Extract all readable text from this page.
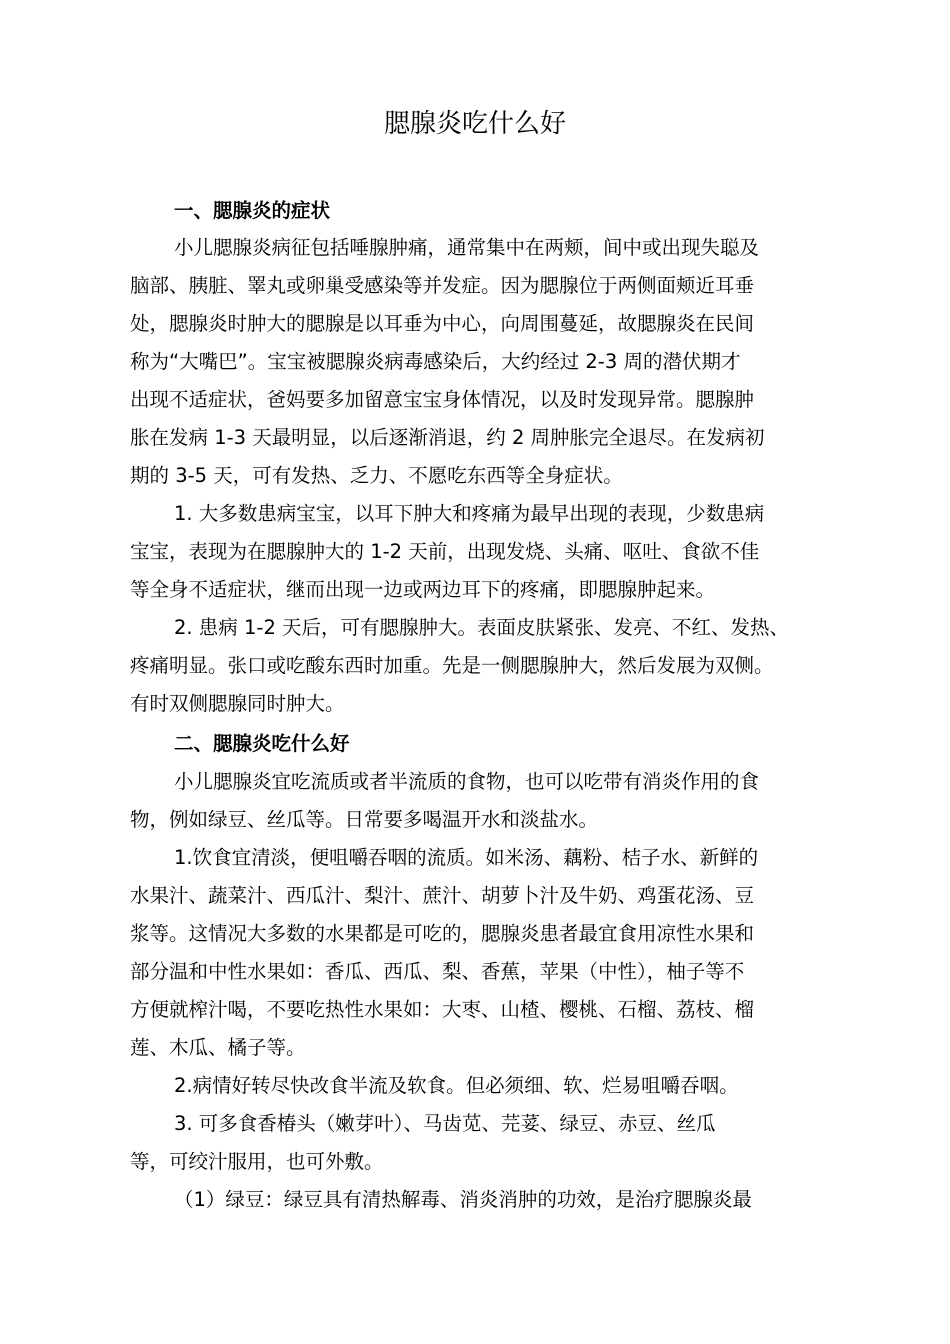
腮腺炎吃什么好
一、腮腺炎的症状
小儿腮腺炎病征包括唾腺肿痛，通常集中在两颊，间中或出现失聪及
脑部、胰脏、睪丸或卵巢受感染等并发症。因为腮腺位于两侧面颊近耳垂
处，腮腺炎时肿大的腮腺是以耳垂为中心，向周围蔓延，故腮腺炎在民间
称为“大嘴巴”。宝宝被腮腺炎病毒感染后，大约经过 2-3 周的潜伏期才
出现不适症状，爸妈要多加留意宝宝身体情况，以及时发现异常。腮腺肿
胀在发病 1-3 天最明显，以后逐渐消退，约 2 周肿胀完全退尽。在发病初
期的 3-5 天，可有发热、乏力、不愿吃东西等全身症状。
1. 大多数患病宝宝，以耳下肿大和疼痛为最早出现的表现，少数患病
宝宝，表现为在腮腺肿大的 1-2 天前，出现发烧、头痛、呕吐、食欲不佳
等全身不适症状，继而出现一边或两边耳下的疼痛，即腮腺肿起来。
2. 患病 1-2 天后，可有腮腺肿大。表面皮肤紧张、发亮、不红、发热、
疼痛明显。张口或吃酸东西时加重。先是一侧腮腺肿大，然后发展为双侧。
有时双侧腮腺同时肿大。
二、腮腺炎吃什么好
小儿腮腺炎宜吃流质或者半流质的食物，也可以吃带有消炎作用的食
物，例如绿豆、丝瓜等。日常要多喝温开水和淡盐水。
1.饮食宜清淡，便咀嚼吞咽的流质。如米汤、藕粉、桔子水、新鲜的
水果汁、蔬菜汁、西瓜汁、梨汁、蔗汁、胡萝卜汁及牛奶、鸡蛋花汤、豆
浆等。这情况大多数的水果都是可吃的，腮腺炎患者最宜食用凉性水果和
部分温和中性水果如：香瓜、西瓜、梨、香蕉，苹果（中性），柚子等不
方便就榨汁喝，不要吃热性水果如：大枣、山楂、樱桃、石榴、荔枝、榴
莲、木瓜、橘子等。
2.病情好转尽快改食半流及软食。但必须细、软、烂易咀嚼吞咽。
3. 可多食香椿头（嫩芽叶）、马齿苋、芫荽、绿豆、赤豆、丝瓜
等，可绞汁服用，也可外敷。
（1）绿豆：绿豆具有清热解毒、消炎消肿的功效，是治疗腮腺炎最
